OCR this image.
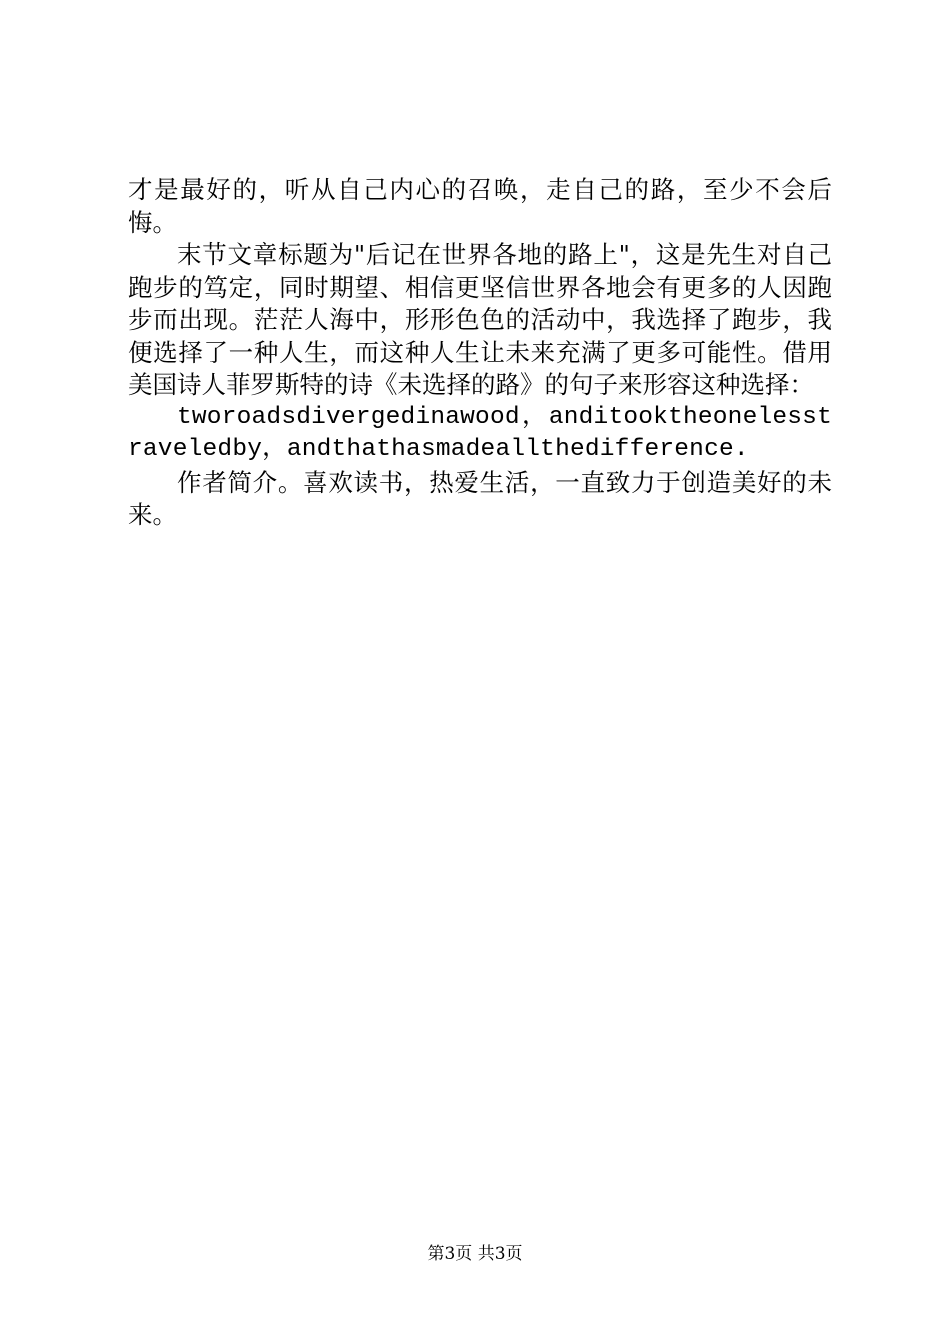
才是最好的，听从自己内心的召唤，走自己的路，至少不会后悔。

末节文章标题为"后记在世界各地的路上"，这是先生对自己跑步的笃定，同时期望、相信更坚信世界各地会有更多的人因跑步而出现。茫茫人海中，形形色色的活动中，我选择了跑步，我便选择了一种人生，而这种人生让未来充满了更多可能性。借用美国诗人菲罗斯特的诗《未选择的路》的句子来形容这种选择：

tworoadsdivergedinawood，anditooktheonelesstraveledby，andthathasmadeallthedifference.

作者简介。喜欢读书，热爱生活，一直致力于创造美好的未来。

第3页 共3页
